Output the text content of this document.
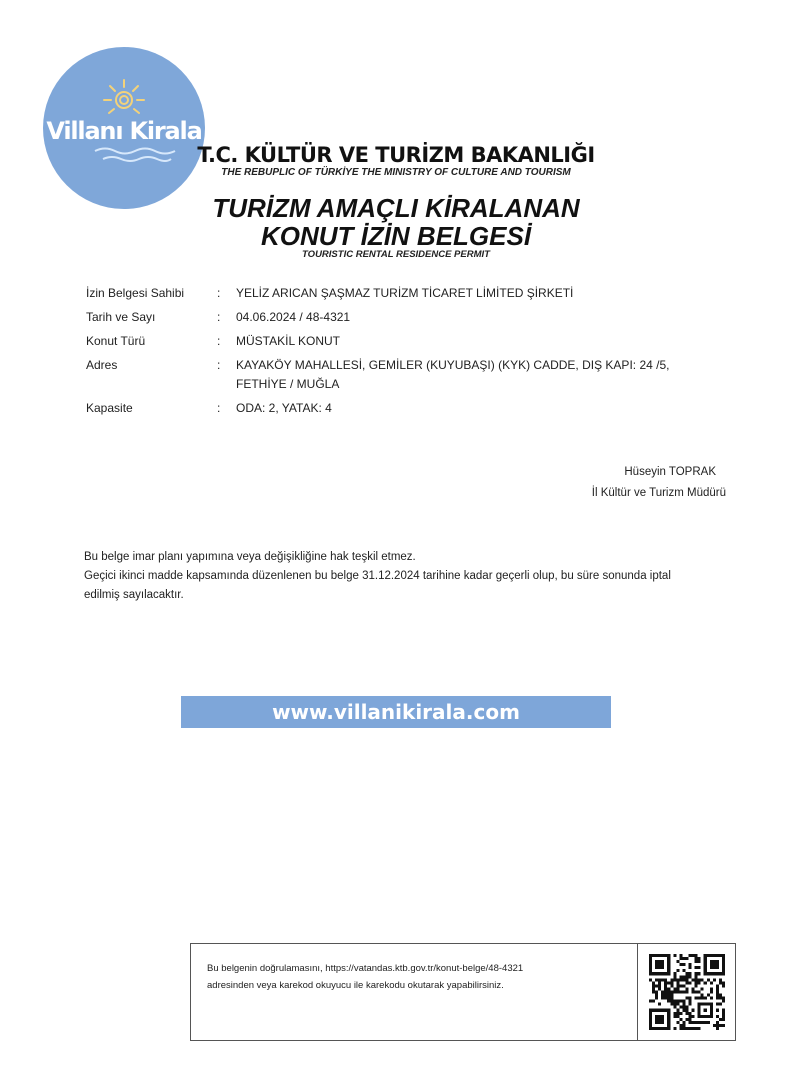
Villanı Kirala
T.C. KÜLTÜR VE TURİZM BAKANLIĞI
THE REBUPLIC OF TÜRKİYE THE MINISTRY OF CULTURE AND TOURISM
TURİZM AMAÇLI KİRALANAN
KONUT İZİN BELGESİ
TOURISTIC RENTAL RESIDENCE PERMIT
İzin Belgesi Sahibi	: YELİZ ARICAN ŞAŞMAZ TURİZM TİCARET LİMİTED ŞİRKETİ
Tarih ve Sayı	: 04.06.2024 / 48-4321
Konut Türü	: MÜSTAKİL KONUT
Adres	: KAYAKÖY MAHALLESİ, GEMİLER (KUYUBAŞI) (KYK) CADDE, DIŞ KAPI: 24 /5,
FETHİYE / MUĞLA
Kapasite	: ODA: 2, YATAK: 4
Hüseyin TOPRAK
İl Kültür ve Turizm Müdürü
Bu belge imar planı yapımına veya değişikliğine hak teşkil etmez.
Geçici ikinci madde kapsamında düzenlenen bu belge 31.12.2024 tarihine kadar geçerli olup, bu süre sonunda iptal
edilmiş sayılacaktır.
www.villanikirala.com
Bu belgenin doğrulamasını, https://vatandas.ktb.gov.tr/konut-belge/48-4321
adresinden veya karekod okuyucu ile karekodu okutarak yapabilirsiniz.
